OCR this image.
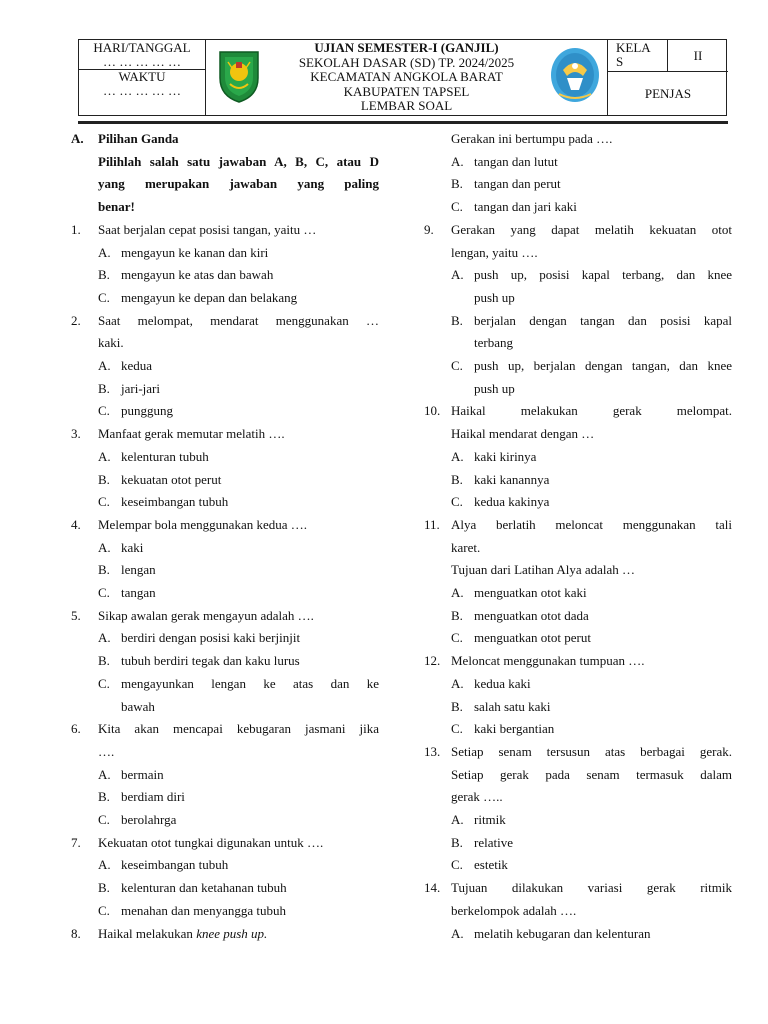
HARI/TANGGAL
… … … … …
WAKTU
… … … … …
UJIAN SEMESTER-I (GANJIL)
SEKOLAH DASAR (SD) TP. 2024/2025
KECAMATAN ANGKOLA BARAT
KABUPATEN TAPSEL
LEMBAR SOAL
KELA
S	II
PENJAS
A. Pilihan Ganda
Pilihlah salah satu jawaban A, B, C, atau D
yang merupakan jawaban yang paling
benar!
1. Saat berjalan cepat posisi tangan, yaitu …
A. mengayun ke kanan dan kiri
B. mengayun ke atas dan bawah
C. mengayun ke depan dan belakang
2. Saat melompat, mendarat menggunakan …
kaki.
A. kedua
B. jari-jari
C. punggung
3. Manfaat gerak memutar melatih ….
A. kelenturan tubuh
B. kekuatan otot perut
C. keseimbangan tubuh
4. Melempar bola menggunakan kedua ….
A. kaki
B. lengan
C. tangan
5. Sikap awalan gerak mengayun adalah ….
A. berdiri dengan posisi kaki berjinjit
B. tubuh berdiri tegak dan kaku lurus
C. mengayunkan lengan ke atas dan ke
bawah
6. Kita akan mencapai kebugaran jasmani jika
….
A. bermain
B. berdiam diri
C. berolahrga
7. Kekuatan otot tungkai digunakan untuk ….
A. keseimbangan tubuh
B. kelenturan dan ketahanan tubuh
C. menahan dan menyangga tubuh
8. Haikal melakukan knee push up.
Gerakan ini bertumpu pada ….
A. tangan dan lutut
B. tangan dan perut
C. tangan dan jari kaki
9. Gerakan yang dapat melatih kekuatan otot
lengan, yaitu ….
A. push up, posisi kapal terbang, dan knee
push up
B. berjalan dengan tangan dan posisi kapal
terbang
C. push up, berjalan dengan tangan, dan knee
push up
10. Haikal melakukan gerak melompat.
Haikal mendarat dengan …
A. kaki kirinya
B. kaki kanannya
C. kedua kakinya
11. Alya berlatih meloncat menggunakan tali
karet.
Tujuan dari Latihan Alya adalah …
A. menguatkan otot kaki
B. menguatkan otot dada
C. menguatkan otot perut
12. Meloncat menggunakan tumpuan ….
A. kedua kaki
B. salah satu kaki
C. kaki bergantian
13. Setiap senam tersusun atas berbagai gerak.
Setiap gerak pada senam termasuk dalam
gerak …..
A. ritmik
B. relative
C. estetik
14. Tujuan dilakukan variasi gerak ritmik
berkelompok adalah ….
A. melatih kebugaran dan kelenturan
